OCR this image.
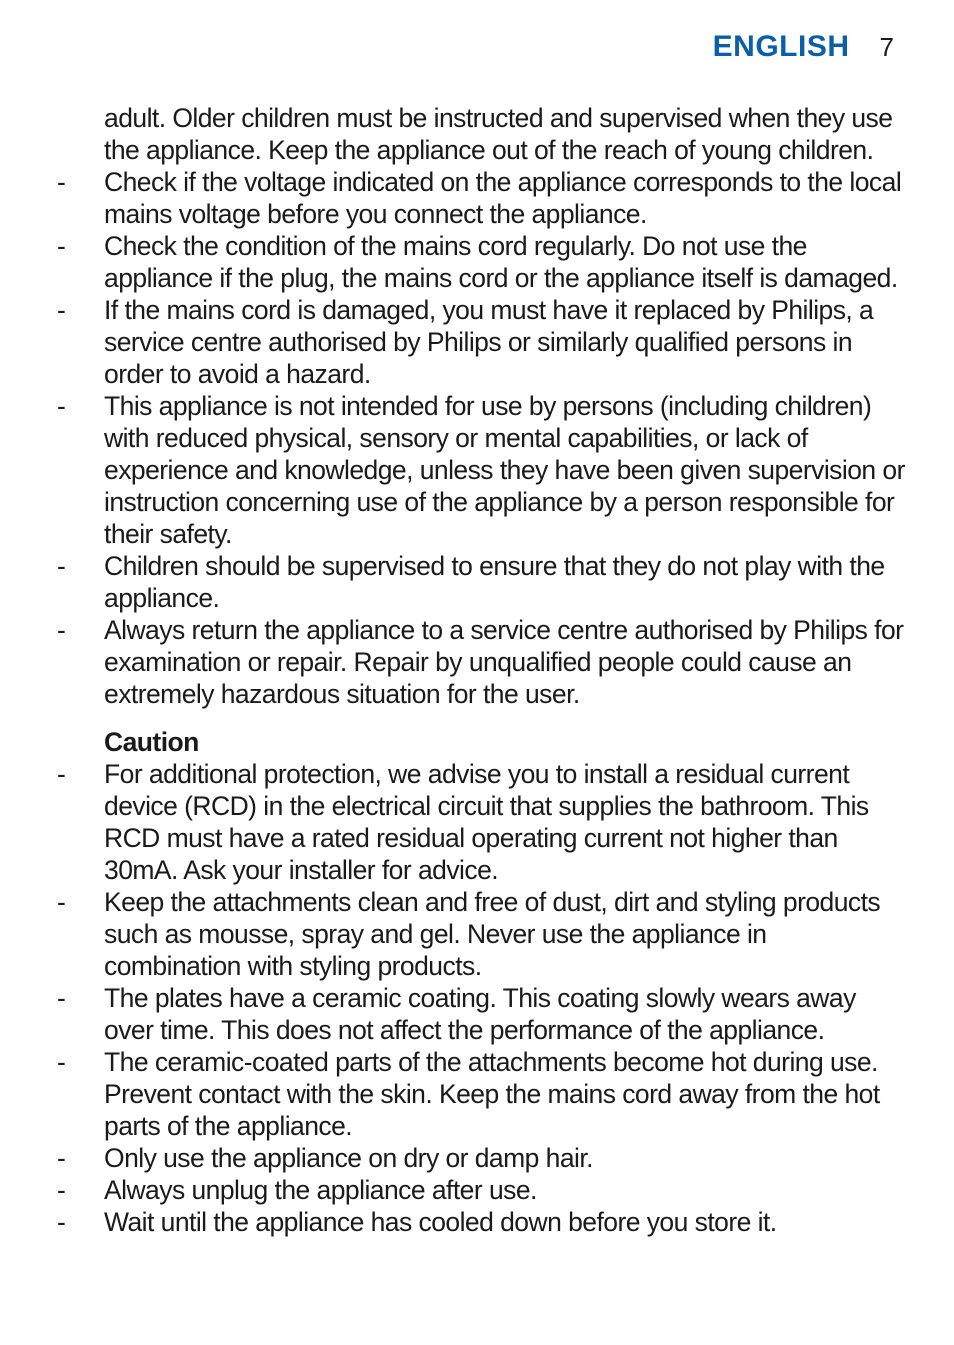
ENGLISH 7
adult. Older children must be instructed and supervised when they use the appliance. Keep the appliance out of the reach of young children.
- Check if the voltage indicated on the appliance corresponds to the local mains voltage before you connect the appliance.
- Check the condition of the mains cord regularly. Do not use the appliance if the plug, the mains cord or the appliance itself is damaged.
- If the mains cord is damaged, you must have it replaced by Philips, a service centre authorised by Philips or similarly qualified persons in order to avoid a hazard.
- This appliance is not intended for use by persons (including children) with reduced physical, sensory or mental capabilities, or lack of experience and knowledge, unless they have been given supervision or instruction concerning use of the appliance by a person responsible for their safety.
- Children should be supervised to ensure that they do not play with the appliance.
- Always return the appliance to a service centre authorised by Philips for examination or repair. Repair by unqualified people could cause an extremely hazardous situation for the user.
Caution
- For additional protection, we advise you to install a residual current device (RCD) in the electrical circuit that supplies the bathroom. This RCD must have a rated residual operating current not higher than 30mA. Ask your installer for advice.
- Keep the attachments clean and free of dust, dirt and styling products such as mousse, spray and gel. Never use the appliance in combination with styling products.
- The plates have a ceramic coating. This coating slowly wears away over time. This does not affect the performance of the appliance.
- The ceramic-coated parts of the attachments become hot during use. Prevent contact with the skin. Keep the mains cord away from the hot parts of the appliance.
- Only use the appliance on dry or damp hair.
- Always unplug the appliance after use.
- Wait until the appliance has cooled down before you store it.
